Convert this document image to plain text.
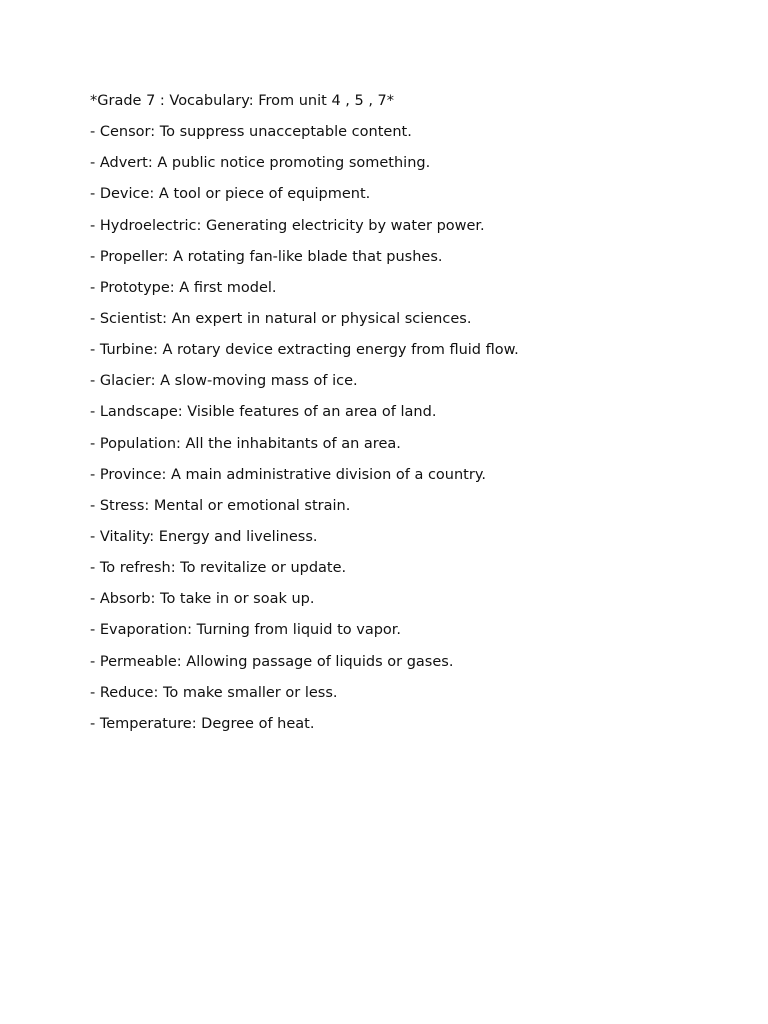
*Grade 7 : Vocabulary: From unit 4 , 5 , 7*
- Censor: To suppress unacceptable content.
- Advert: A public notice promoting something.
- Device: A tool or piece of equipment.
- Hydroelectric: Generating electricity by water power.
- Propeller: A rotating fan-like blade that pushes.
- Prototype: A first model.
- Scientist: An expert in natural or physical sciences.
- Turbine: A rotary device extracting energy from fluid flow.
- Glacier: A slow-moving mass of ice.
- Landscape: Visible features of an area of land.
- Population: All the inhabitants of an area.
- Province: A main administrative division of a country.
- Stress: Mental or emotional strain.
- Vitality: Energy and liveliness.
- To refresh: To revitalize or update.
- Absorb: To take in or soak up.
- Evaporation: Turning from liquid to vapor.
- Permeable: Allowing passage of liquids or gases.
- Reduce: To make smaller or less.
- Temperature: Degree of heat.
